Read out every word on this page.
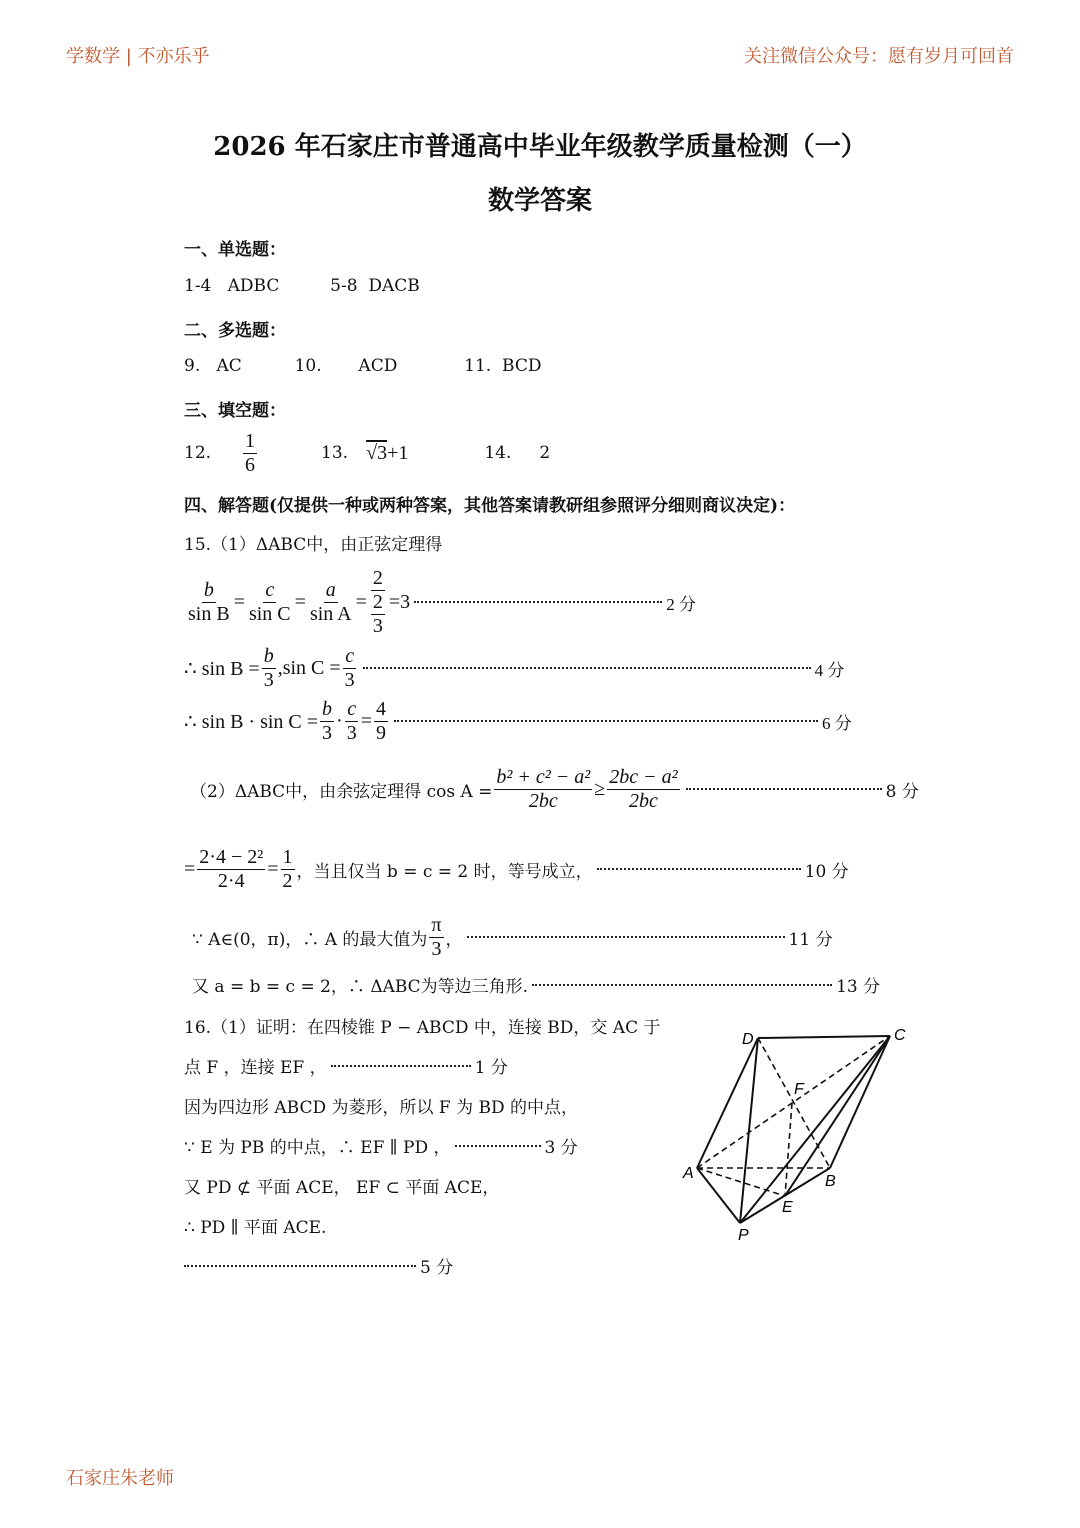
学数学 | 不亦乐乎	关注微信公众号：愿有岁月可回首
2026 年石家庄市普通高中毕业年级教学质量检测（一）
数学答案
一、单选题：
1-4 ADBC	5-8 DACB
二、多选题：
9. AC	10. ACD	11. BCD
三、填空题：
12. $\frac{1}{6}$	13. √3+1	14. 2
四、解答题(仅提供一种或两种答案，其他答案请教研组参照评分细则商议决定)：
15.（1）ΔABC中，由正弦定理得
$\frac{b}{\text{sin B}} = \frac{c}{\text{sin C}} = \frac{a}{\text{sin A}} = \frac{2}{\frac{2}{3}} =3$	2 分
∴ $\sin B = \frac{b}{3} ,\sin$ $C = \frac{c}{3}$	4 分
∴ $\sin B \cdot \sin C = \frac{b}{3} \cdot \frac{c}{3} = \frac{4}{9}$	6 分
（2）ΔABC中，由余弦定理得 $\cos A = \frac{\text{b² + c² − a²}}{2bc} \ge \frac{\text{2bc − a²}}{2bc}$	8 分
= $\frac{\text{2·4 − 2²}}{2\cdot 4} = \frac{1}{2}$ ，当且仅当 b = c = 2 时，等号成立，	10 分
∵ A∈(0，π)，∴ A 的最大值为 $\frac{\pi}{3}$ ，	11 分
又 a = b = c = 2，∴ ΔABC为等边三角形.	13 分
16.（1）证明：在四棱锥 P − ABCD 中，连接 BD，交 AC 于
点 F ，连接 EF ，	1 分
因为四边形 ABCD 为菱形，所以 F 为 BD 的中点，
∵ E 为 PB 的中点，∴ EF ∥ PD ，	3 分
又 PD ⊄ 平面 ACE， EF ⊂ 平面 ACE，
∴ PD ∥ 平面 ACE.
5 分
D	C
F
A	B
E
P
石家庄朱老师
